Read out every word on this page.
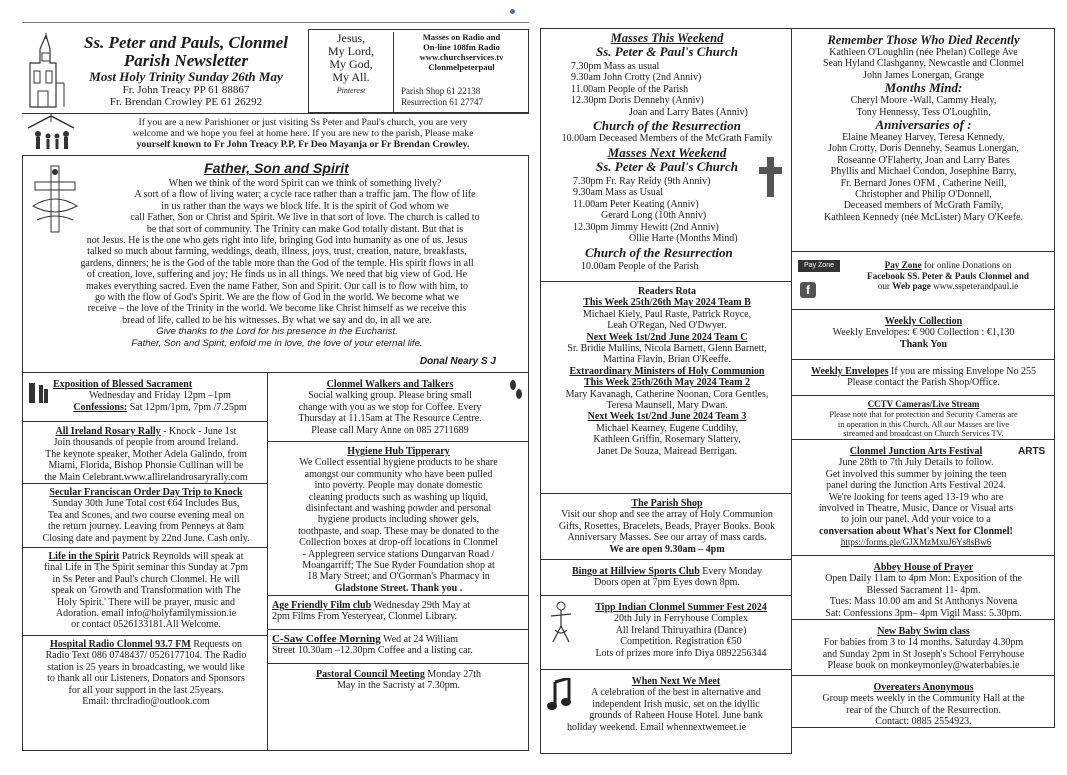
Ss. Peter and Pauls, Clonmel
Parish Newsletter
Most Holy Trinity Sunday 26th May
Fr. John Treacy PP 61 88867
Fr. Brendan Crowley PE 61 26292
Jesus,
My Lord,
My God,
My All.
Pinterest
Masses on Radio and
On-line 108fm Radio
www.churchservices.tv
Clonmelpeterpaul
Parish Shop 61 22138
Resurrection 61 27747
If you are a new Parishioner or just visiting Ss Peter and Paul's church, you are very
welcome and we hope you feel at home here. If you are new to the parish, Please make
yourself known to Fr John Treacy P.P, Fr Deo Mayanja or Fr Brendan Crowley.
Father, Son and Spirit
When we think of the word Spirit can we think of something lively?
A sort of a flow of living water; a cycle race rather than a traffic jam. The flow of life
in us rather than the ways we block life. It is the spirit of God whom we
call Father, Son or Christ and Spirit. We live in that sort of love. The church is called to
be that sort of community. The Trinity can make God totally distant. But that is
not Jesus. He is the one who gets right into life, bringing God into humanity as one of us. Jesus
talked so much about farming, weddings, death, illness, joys, trust, creation, nature, breakfasts,
gardens, dinners; he is the God of the table more than the God of the temple. His spirit flows in all
of creation, love, suffering and joy; He finds us in all things. We need that big view of God. He
makes everything sacred. Even the name Father, Son and Spirit. Our call is to flow with him, to
go with the flow of God's Spirit. We are the flow of God in the world. We become what we
receive – the love of the Trinity in the world. We become like Christ himself as we receive this
bread of life, called to be his witnesses. By what we say and do, in all we are.
Give thanks to the Lord for his presence in the Eucharist.
Father, Son and Spirit, enfold me in love, the love of your eternal life.
Donal Neary S J
Exposition of Blessed Sacrament
Wednesday and Friday 12pm –1pm
Confessions: Sat 12pm/1pm, 7pm /7.25pm
All Ireland Rosary Rally - Knock - June 1st
Join thousands of people from around Ireland.
The keynote speaker, Mother Adela Galindo, from
Miami, Florida, Bishop Phonsie Cullinan will be
the Main Celebrant.www.allirelandrosaryrally.com
Secular Franciscan Order Day Trip to Knock
Sunday 30th June Total cost €64 Includes Bus,
Tea and Scones, and two course evening meal on
the return journey. Leaving from Penneys at 8am
Closing date and payment by 22nd June. Cash only.
Life in the Spirit Patrick Reynolds will speak at
final Life in The Spirit seminar this Sunday at 7pm
in Ss Peter and Paul's church Clonmel. He will
speak on 'Growth and Transformation with The
Holy Spirit.' There will be prayer, music and
Adoration. email info@holyfamilymission.ie
or contact 0526133181.All Welcome.
Hospital Radio Clonmel 93.7 FM Requests on
Radio Text 086 0748437/ 0526177104. The Radio
station is 25 years in broadcasting, we would like
to thank all our Listeners, Donators and Sponsors
for all your support in the last 25years.
Email: thrclradio@outlook.com
Clonmel Walkers and Talkers
Social walking group. Please bring small
change with you as we stop for Coffee. Every
Thursday at 11.15am at The Resource Centre.
Please call Mary Anne on 085 2711689
Hygiene Hub Tipperary
We Collect essential hygiene products to be share
amongst our community who have been pulled
into poverty. People may donate domestic
cleaning products such as washing up liquid,
disinfectant and washing powder and personal
hygiene products including shower gels,
toothpaste, and soap. These may be donated to the
Collection boxes at drop-off locations in Clonmel
- Applegreen service stations Dungarvan Road /
Moangarriff; The Sue Ryder Foundation shop at
18 Mary Street; and O'Gorman's Pharmacy in
Gladstone Street. Thank you .
Age Friendly Film club Wednesday 29th May at
2pm Films From Yesteryear, Clonmel Library.
C-Saw Coffee Morning Wed at 24 William
Street 10.30am –12.30pm Coffee and a listing car.
Pastoral Council Meeting Monday 27th
May in the Sacristy at 7.30pm.
Masses This Weekend
Ss. Peter & Paul's Church
7.30pm Mass as usual
9.30am John Crotty (2nd Anniv)
11.00am People of the Parish
12.30pm Doris Dennehy (Anniv)
Joan and Larry Bates (Anniv)
Church of the Resurrection
10.00am Deceased Members of the McGrath Family
Masses Next Weekend
Ss. Peter & Paul's Church
7.30pm Fr. Ray Reidy (9th Anniv)
9.30am Mass as Usual
11.00am Peter Keating (Anniv)
Gerard Long (10th Anniv)
12.30pm Jimmy Hewitt (2nd Anniv)
Ollie Harte (Months Mind)
Church of the Resurrection
10.00am People of the Parish
Readers Rota
This Week 25th/26th May 2024 Team B
Michael Kiely, Paul Raste, Patrick Royce,
Leah O'Regan, Ned O'Dwyer.
Next Week 1st/2nd June 2024 Team C
Sr. Bridie Mullins, Nicola Barnett, Glenn Barnett,
Martina Flavin, Brian O'Keeffe.
Extraordinary Ministers of Holy Communion
This Week 25th/26th May 2024 Team 2
Mary Kavanagh, Catherine Noonan, Cora Gentles,
Teresa Maunsell, Mary Dwan.
Next Week 1st/2nd June 2024 Team 3
Michael Kearney, Eugene Cuddihy,
Kathleen Griffin, Rosemary Slattery,
Janet De Souza, Mairead Berrigan.
The Parish Shop
Visit our shop and see the array of Holy Communion
Gifts, Rosettes, Bracelets, Beads, Prayer Books. Book
Anniversary Masses. See our array of mass cards.
We are open 9.30am – 4pm
Bingo at Hillview Sports Club Every Monday
Doors open at 7pm Eyes down 8pm.
Tipp Indian Clonmel Summer Fest 2024
20th July in Ferryhouse Complex
All Ireland Thiruyathira (Dance)
Competition. Registration €50
Lots of prizes more info Diya 0892256344
When Next We Meet
A celebration of the best in alternative and
independent Irish music, set on the idyllic
grounds of Raheen House Hotel. June bank
holiday weekend. Email whennextwemeet.ie
Remember Those Who Died Recently
Kathleen O'Loughlin (née Phelan) College Ave
Sean Hyland Clashganny, Newcastle and Clonmel
John James Lonergan, Grange
Months Mind:
Cheryl Moore -Wall, Cammy Healy,
Tony Hennessy, Tess O'Loughlin,
Anniversaries of :
Elaine Meaney Harvey, Teresa Kennedy,
John Crotty, Doris Dennehy, Seamus Lonergan,
Roseanne O'Flaherty, Joan and Larry Bates
Phyllis and Michael Condon, Josephine Barry,
Fr. Bernard Jones OFM , Catherine Neill,
Christopher and Philip O'Donnell,
Deceased members of McGrath Family,
Kathleen Kennedy (née McLister) Mary O'Keefe.
Pay Zone
f
Pay Zone for online Donations on
Facebook SS. Peter & Pauls Clonmel and
our Web page www.sspeterandpaul.ie
Weekly Collection
Weekly Envelopes: € 900 Collection : €1,130
Thank You
Weekly Envelopes If you are missing Envelope No 255
Please contact the Parish Shop/Office.
CCTV Cameras/Live Stream
Please note that for protection and Security Cameras are
in operation in this Church. All our Masses are live
streamed and broadcast on Church Services TV.
ARTS
Clonmel Junction Arts Festival
June 28th to 7th July Details to follow.
Get involved this summer by joining the teen
panel during the Junction Arts Festival 2024.
We're looking for teens aged 13-19 who are
involved in Theatre, Music, Dance or Visual arts
to join our panel. Add your voice to a
conversation about What's Next for Clonmel!
https://forms.gle/GJXMzMxuJ6Ys8sBw6
Abbey House of Prayer
Open Daily 11am to 4pm Mon: Exposition of the
Blessed Sacrament 11- 4pm.
Tues: Mass 10.00 am and St Anthonys Novena
Sat: Confessions 3pm– 4pm Vigil Mass: 5.30pm.
New Baby Swim class
For babies from 3 to 14 months. Saturday 4.30pm
and Sunday 2pm in St Joseph's School Ferryhouse
Please book on monkeymonley@waterbabies.ie
Overeaters Anonymous
Group meets weekly in the Community Hall at the
rear of the Church of the Resurrection.
Contact: 0885 2554923.
